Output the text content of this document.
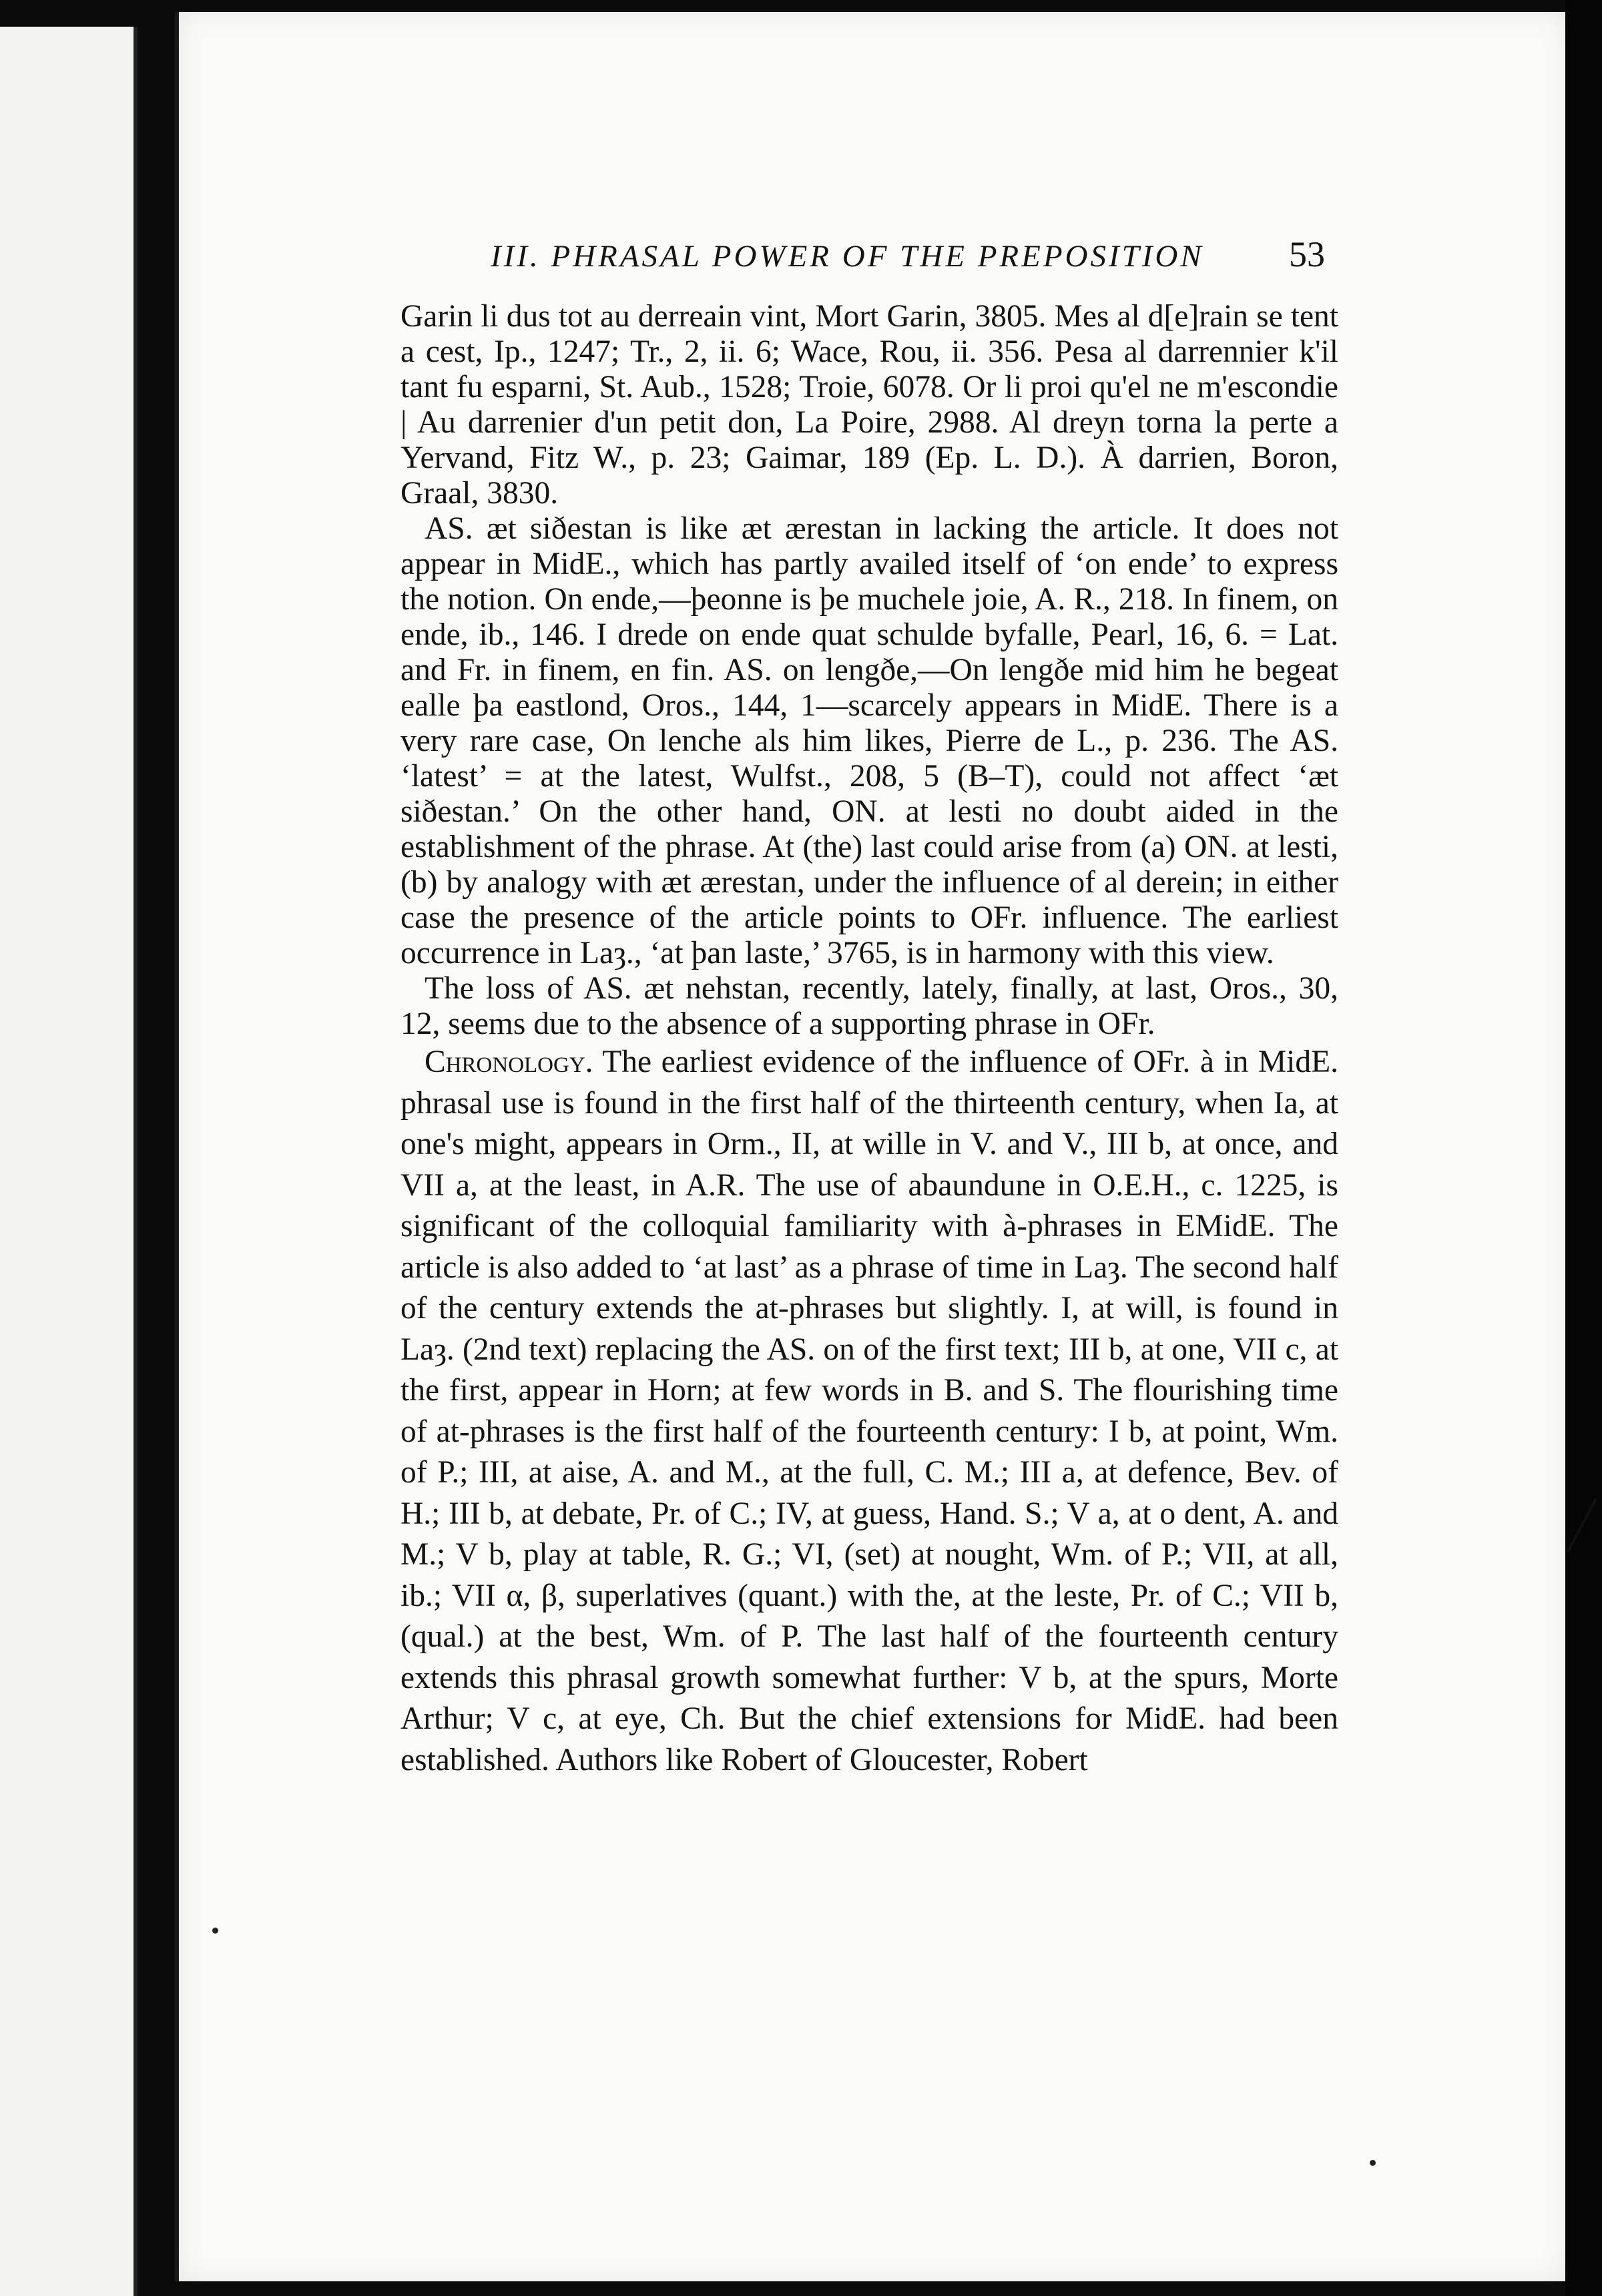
III. PHRASAL POWER OF THE PREPOSITION 53

Garin li dus tot au derreain vint, Mort Garin, 3805. Mes al d[e]rain se tent a cest, Ip., 1247; Tr., 2, ii. 6; Wace, Rou, ii. 356. Pesa al darrennier k'il tant fu esparni, St. Aub., 1528; Troie, 6078. Or li proi qu'el ne m'escondie | Au darrenier d'un petit don, La Poire, 2988. Al dreyn torna la perte a Yervand, Fitz W., p. 23; Gaimar, 189 (Ep. L. D.). À darrien, Boron, Graal, 3830.

AS. æt siðestan is like æt ærestan in lacking the article. It does not appear in MidE., which has partly availed itself of ‘on ende’ to express the notion. On ende,—þeonne is þe muchele joie, A. R., 218. In finem, on ende, ib., 146. I drede on ende quat schulde byfalle, Pearl, 16, 6. = Lat. and Fr. in finem, en fin. AS. on lengðe,—On lengðe mid him he begeat ealle þa eastlond, Oros., 144, 1—scarcely appears in MidE. There is a very rare case, On lenche als him likes, Pierre de L., p. 236. The AS. ‘latest’ = at the latest, Wulfst., 208, 5 (B–T), could not affect ‘æt siðestan.’ On the other hand, ON. at lesti no doubt aided in the establishment of the phrase. At (the) last could arise from (a) ON. at lesti, (b) by analogy with æt ærestan, under the influence of al derein; in either case the presence of the article points to OFr. influence. The earliest occurrence in Laȝ., ‘at þan laste,’ 3765, is in harmony with this view.

The loss of AS. æt nehstan, recently, lately, finally, at last, Oros., 30, 12, seems due to the absence of a supporting phrase in OFr.

Chronology. The earliest evidence of the influence of OFr. à in MidE. phrasal use is found in the first half of the thirteenth century, when Ia, at one's might, appears in Orm., II, at wille in V. and V., III b, at once, and VII a, at the least, in A.R. The use of abaundune in O.E.H., c. 1225, is significant of the colloquial familiarity with à-phrases in EMidE. The article is also added to ‘at last’ as a phrase of time in Laȝ. The second half of the century extends the at-phrases but slightly. I, at will, is found in Laȝ. (2nd text) replacing the AS. on of the first text; III b, at one, VII c, at the first, appear in Horn; at few words in B. and S. The flourishing time of at-phrases is the first half of the fourteenth century: I b, at point, Wm. of P.; III, at aise, A. and M., at the full, C. M.; III a, at defence, Bev. of H.; III b, at debate, Pr. of C.; IV, at guess, Hand. S.; V a, at o dent, A. and M.; V b, play at table, R. G.; VI, (set) at nought, Wm. of P.; VII, at all, ib.; VII α, β, superlatives (quant.) with the, at the leste, Pr. of C.; VII b, (qual.) at the best, Wm. of P. The last half of the fourteenth century extends this phrasal growth somewhat further: V b, at the spurs, Morte Arthur; V c, at eye, Ch. But the chief extensions for MidE. had been established. Authors like Robert of Gloucester, Robert
